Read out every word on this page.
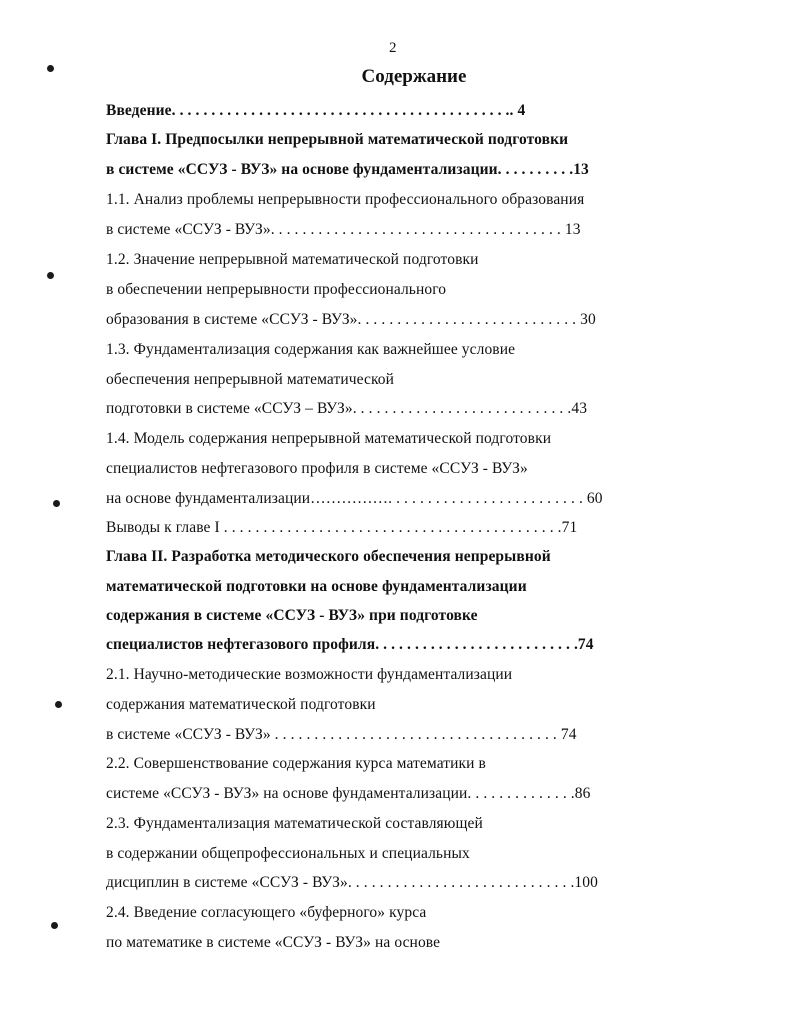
2
Содержание
Введение. . . . . . . . . . . . . . . . . . . . . . . . . . . . . . . . . . . . . . . . . . .. 4
Глава I. Предпосылки непрерывной математической подготовки
в системе «ССУЗ - ВУЗ» на основе фундаментализации. . . . . . . . . .13
1.1. Анализ проблемы непрерывности профессионального образования
в системе «ССУЗ - ВУЗ». . . . . . . . . . . . . . . . . . . . . . . . . . . . . . . . . . . . . 13
1.2. Значение непрерывной математической подготовки
в обеспечении непрерывности профессионального
образования в системе «ССУЗ - ВУЗ». . . . . . . . . . . . . . . . . . . . . . . . . . . . 30
1.3. Фундаментализация содержания как важнейшее условие
обеспечения непрерывной математической
подготовки в системе «ССУЗ – ВУЗ». . . . . . . . . . . . . . . . . . . . . . . . . . . .43
1.4. Модель содержания непрерывной математической подготовки
специалистов нефтегазового профиля в системе «ССУЗ - ВУЗ»
на основе фундаментализации……………. . . . . . . . . . . . . . . . . . . . . . . . . 60
Выводы к главе I . . . . . . . . . . . . . . . . . . . . . . . . . . . . . . . . . . . . . . . . . . .71
Глава II. Разработка методического обеспечения непрерывной
математической подготовки на основе фундаментализации
содержания в системе «ССУЗ - ВУЗ» при подготовке
специалистов нефтегазового профиля. . . . . . . . . . . . . . . . . . . . . . . . . .74
2.1. Научно-методические возможности фундаментализации
содержания математической подготовки
в системе «ССУЗ - ВУЗ» . . . . . . . . . . . . . . . . . . . . . . . . . . . . . . . . . . . . 74
2.2. Совершенствование содержания курса математики в
системе «ССУЗ - ВУЗ» на основе фундаментализации. . . . . . . . . . . . . .86
2.3. Фундаментализация математической составляющей
в содержании общепрофессиональных и специальных
дисциплин в системе «ССУЗ - ВУЗ». . . . . . . . . . . . . . . . . . . . . . . . . . . . .100
2.4. Введение согласующего «буферного» курса
по математике в системе «ССУЗ - ВУЗ» на основе
